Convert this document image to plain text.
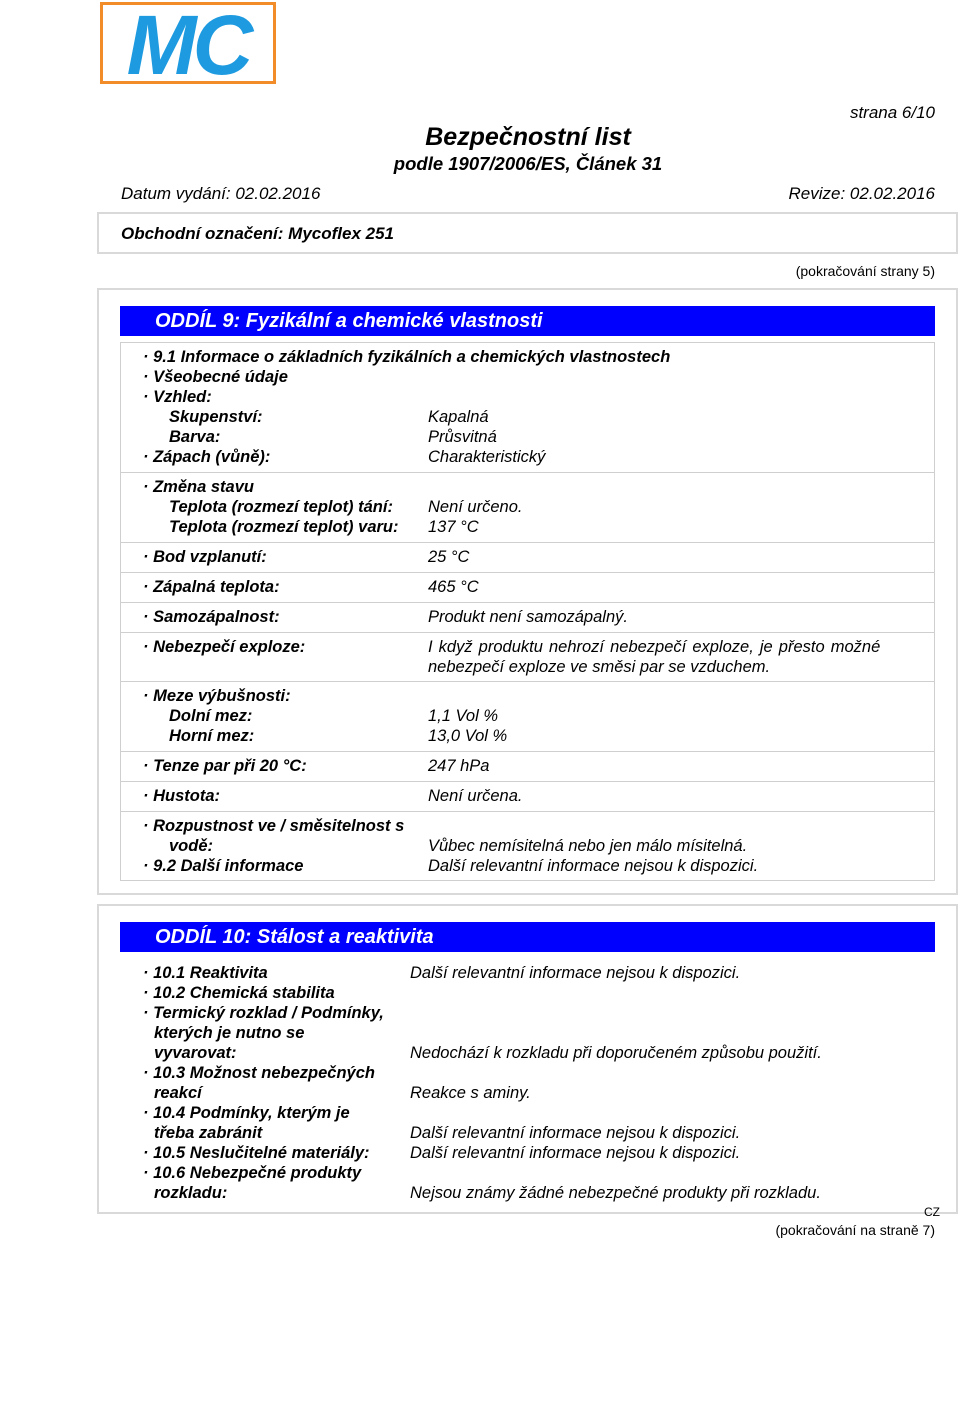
MC
strana 6/10
Bezpečnostní list
podle 1907/2006/ES, Článek 31
Datum vydání: 02.02.2016	Revize: 02.02.2016
Obchodní označení: Mycoflex 251
(pokračování strany 5)
ODDÍL 9: Fyzikální a chemické vlastnosti
· 9.1 Informace o základních fyzikálních a chemických vlastnostech
· Všeobecné údaje
· Vzhled:
Skupenství:	Kapalná
Barva:	Průsvitná
· Zápach (vůně):	Charakteristický
· Změna stavu
Teplota (rozmezí teplot) tání: Není určeno.
Teplota (rozmezí teplot) varu: 137 °C
· Bod vzplanutí:	25 °C
· Zápalná teplota:	465 °C
· Samozápalnost:	Produkt není samozápalný.
· Nebezpečí exploze:	I když produktu nehrozí nebezpečí exploze, je přesto možné
nebezpečí exploze ve směsi par se vzduchem.
· Meze výbušnosti:
Dolní mez:	1,1 Vol %
Horní mez:	13,0 Vol %
· Tenze par při 20 °C:	247 hPa
· Hustota:	Není určena.
· Rozpustnost ve / směsitelnost s
vodě:	Vůbec nemísitelná nebo jen málo mísitelná.
· 9.2 Další informace	Další relevantní informace nejsou k dispozici.
ODDÍL 10: Stálost a reaktivita
· 10.1 Reaktivita	Další relevantní informace nejsou k dispozici.
· 10.2 Chemická stabilita
· Termický rozklad / Podmínky,
kterých je nutno se
vyvarovat:	Nedochází k rozkladu při doporučeném způsobu použití.
· 10.3 Možnost nebezpečných
reakcí	Reakce s aminy.
· 10.4 Podmínky, kterým je
třeba zabránit	Další relevantní informace nejsou k dispozici.
· 10.5 Neslučitelné materiály: Další relevantní informace nejsou k dispozici.
· 10.6 Nebezpečné produkty
rozkladu:	Nejsou známy žádné nebezpečné produkty při rozkladu.
CZ
(pokračování na straně 7)
